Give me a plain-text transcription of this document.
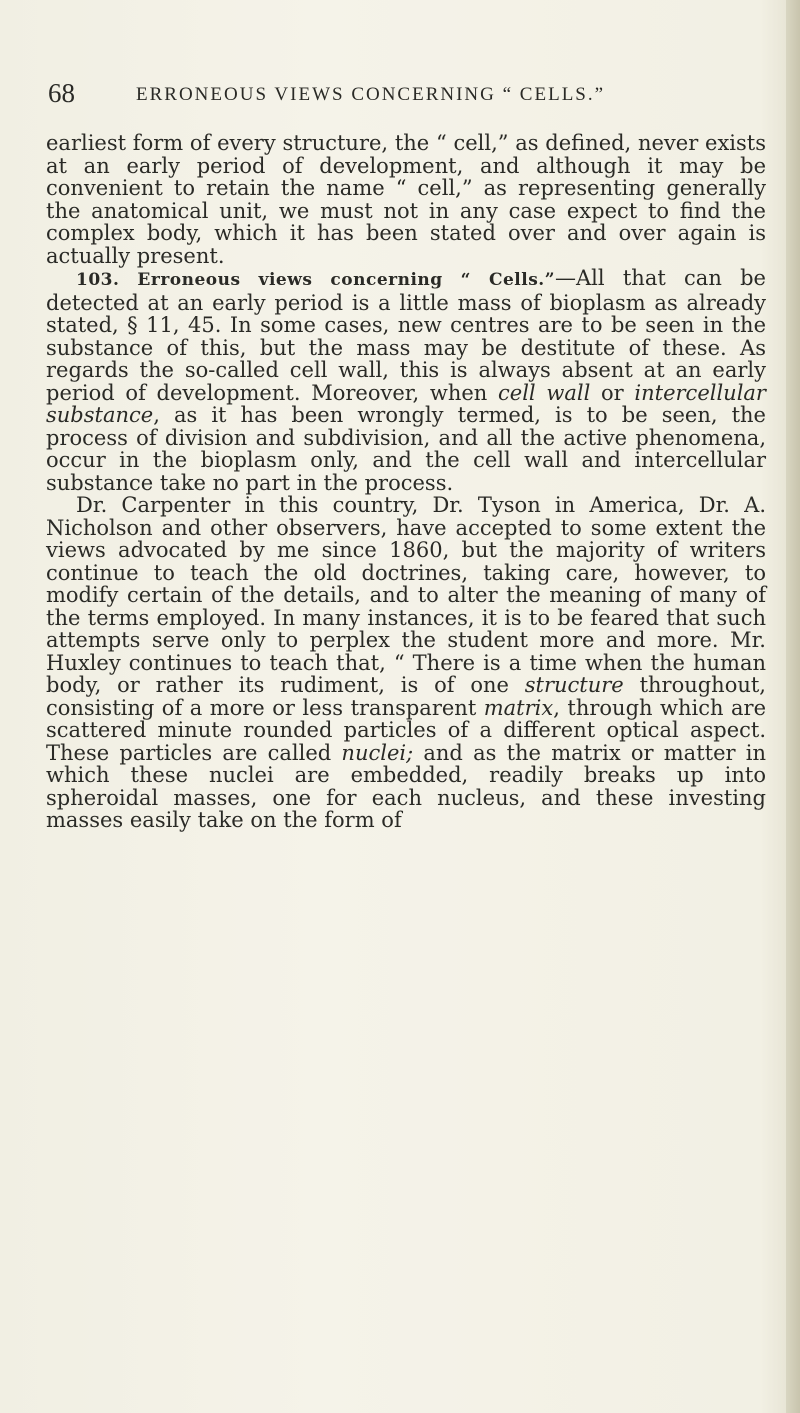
68	ERRONEOUS VIEWS CONCERNING “ CELLS.”

earliest form of every structure, the “ cell,” as defined, never exists at an early period of development, and although it may be convenient to retain the name “ cell,” as representing generally the anatomical unit, we must not in any case expect to find the complex body, which it has been stated over and over again is actually present.

103. Erroneous views concerning “ Cells.”—All that can be detected at an early period is a little mass of bioplasm as already stated, § 11, 45. In some cases, new centres are to be seen in the substance of this, but the mass may be destitute of these. As regards the so-called cell wall, this is always absent at an early period of development. Moreover, when cell wall or intercellular substance, as it has been wrongly termed, is to be seen, the process of division and subdivision, and all the active phenomena, occur in the bioplasm only, and the cell wall and intercellular substance take no part in the process.

Dr. Carpenter in this country, Dr. Tyson in America, Dr. A. Nicholson and other observers, have accepted to some extent the views advocated by me since 1860, but the majority of writers continue to teach the old doctrines, taking care, however, to modify certain of the details, and to alter the meaning of many of the terms employed. In many instances, it is to be feared that such attempts serve only to perplex the student more and more. Mr. Huxley continues to teach that, “ There is a time when the human body, or rather its rudiment, is of one structure throughout, consisting of a more or less transparent matrix, through which are scattered minute rounded particles of a different optical aspect. These particles are called nuclei; and as the matrix or matter in which these nuclei are embedded, readily breaks up into spheroidal masses, one for each nucleus, and these investing masses easily take on the form of
